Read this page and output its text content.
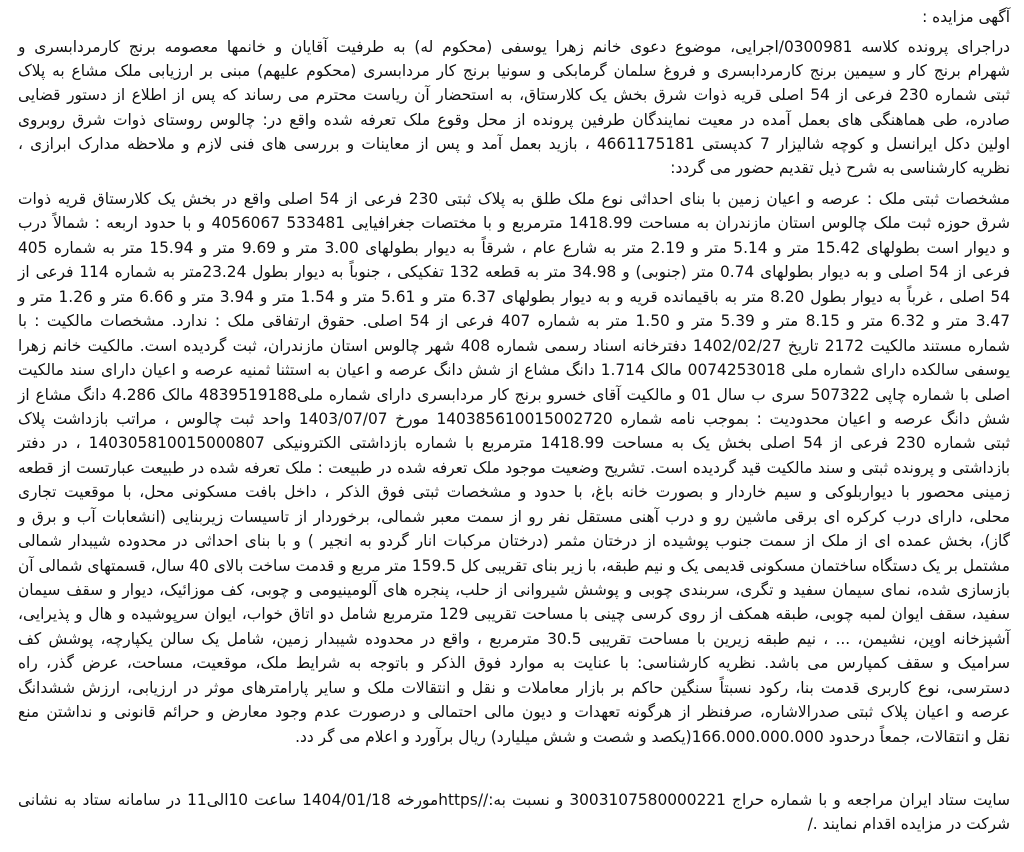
آگهی مزایده :
دراجرای پرونده کلاسه 0300981/اجرایی، موضوع دعوی خانم زهرا یوسفی (محکوم له) به طرفیت آقایان و خانمها معصومه برنج کارمردابسری و
شهرام برنج کار و سیمین برنج کارمردابسری و فروغ سلمان گرمابکی و سونیا برنج کار مردابسری (محکوم علیهم) مبنی بر ارزیابی ملک مشاع به پلاک
ثبتی شماره 230 فرعی از 54 اصلی قریه ذوات شرق بخش یک کلارستاق، به استحضار آن ریاست محترم می رساند که پس از اطلاع از دستور قضایی
صادره، طی هماهنگی های بعمل آمده در معیت نمایندگان طرفین پرونده از محل وقوع ملک تعرفه شده واقع در: چالوس روستای ذوات شرق روبروی
اولین دکل ایرانسل و کوچه شالیزار 7 کدپستی 4661175181 ، بازید بعمل آمد و پس از معاینات و بررسی های فنی لازم و ملاحظه مدارک ابرازی ،
نظریه کارشناسی به شرح ذیل تقدیم حضور می گردد:
مشخصات ثبتی ملک : عرصه و اعیان زمین با بنای احداثی نوع ملک طلق به پلاک ثبتی 230 فرعی از 54 اصلی واقع در بخش یک کلارستاق قریه ذوات
شرق حوزه ثبت ملک چالوس استان مازندران به مساحت 1418.99 مترمربع و با مختصات جغرافیایی 533481 4056067 و با حدود اربعه : شمالاً درب
و دیوار است بطولهای 15.42 متر و 5.14 متر و 2.19 متر به شارع عام ، شرقاً به دیوار بطولهای 3.00 متر و 9.69 متر و 15.94 متر به شماره 405
فرعی از 54 اصلی و به دیوار بطولهای 0.74 متر (جنوبی) و 34.98 متر به قطعه 132 تفکیکی ، جنوباً به دیوار بطول 23.24متر به شماره 114 فرعی از
54 اصلی ، غرباً به دیوار بطول 8.20 متر به باقیمانده قریه و به دیوار بطولهای 6.37 متر و 5.61 متر و 1.54 متر و 3.94 متر و 6.66 متر و 1.26 متر و
3.47 متر و 6.32 متر و 8.15 متر و 5.39 متر و 1.50 متر به شماره 407 فرعی از 54 اصلی. حقوق ارتفاقی ملک : ندارد. مشخصات مالکیت : با
شماره مستند مالکیت 2172 تاریخ 1402/02/27 دفترخانه اسناد رسمی شماره 408 شهر چالوس استان مازندران، ثبت گردیده است. مالکیت خانم زهرا
یوسفی سالکده دارای شماره ملی 0074253018 مالک 1.714 دانگ مشاع از شش دانگ عرصه و اعیان به استثنا ثمنیه عرصه و اعیان دارای سند مالکیت
اصلی با شماره چاپی 507322 سری ب سال 01 و مالکیت آقای خسرو برنج کار مردابسری دارای شماره ملی4839519188 مالک 4.286 دانگ مشاع از
شش دانگ عرصه و اعیان محدودیت : بموجب نامه شماره 140385610015002720 مورخ 1403/07/07 واحد ثبت چالوس ، مراتب بازداشت پلاک
ثبتی شماره 230 فرعی از 54 اصلی بخش یک به مساحت 1418.99 مترمربع با شماره بازداشتی الکترونیکی 140305810015000807 ، در دفتر
بازداشتی و پرونده ثبتی و سند مالکیت قید گردیده است. تشریح وضعیت موجود ملک تعرفه شده در طبیعت : ملک تعرفه شده در طبیعت عبارتست از قطعه
زمینی محصور با دیواربلوکی و سیم خاردار و بصورت خانه باغ، با حدود و مشخصات ثبتی فوق الذکر ، داخل بافت مسکونی محل، با موقعیت تجاری
محلی، دارای درب کرکره ای برقی ماشین رو و درب آهنی مستقل نفر رو از سمت معبر شمالی، برخوردار از تاسیسات زیربنایی (انشعابات آب و برق و
گاز)، بخش عمده ای از ملک از سمت جنوب پوشیده از درختان مثمر (درختان مرکبات انار گردو به انجیر ) و با بنای احداثی در محدوده شیبدار شمالی
مشتمل بر یک دستگاه ساختمان مسکونی قدیمی یک و نیم طبقه، با زیر بنای تقریبی کل 159.5 متر مربع و قدمت ساخت بالای 40 سال، قسمتهای شمالی آن
بازسازی شده، نمای سیمان سفید و تگری، سربندی چوبی و پوشش شیروانی از حلب، پنجره های آلومینیومی و چوبی، کف موزائیک، دیوار و سقف سیمان
سفید، سقف ایوان لمبه چوبی، طبقه همکف از روی کرسی چینی با مساحت تقریبی 129 مترمربع شامل دو اتاق خواب، ایوان سرپوشیده و هال و پذیرایی،
آشپزخانه اوپن، نشیمن، ... ، نیم طبقه زیرین با مساحت تقریبی 30.5 مترمربع ، واقع در محدوده شیبدار زمین، شامل یک سالن یکپارچه، پوشش کف
سرامیک و سقف کمپارس می باشد. نظریه کارشناسی: با عنایت به موارد فوق الذکر و باتوجه به شرایط ملک، موقعیت، مساحت، عرض گذر، راه
دسترسی، نوع کاربری قدمت بنا، رکود نسبتاً سنگین حاکم بر بازار معاملات و نقل و انتقالات ملک و سایر پارامترهای موثر در ارزیابی، ارزش ششدانگ
عرصه و اعیان پلاک ثبتی صدرالاشاره، صرفنظر از هرگونه تعهدات و دیون مالی احتمالی و درصورت عدم وجود معارض و حرائم قانونی و نداشتن منع
نقل و انتقالات، جمعاً درحدود 166.000.000.000(یکصد و شصت و شش میلیارد) ریال برآورد و اعلام می گر دد.
سایت ستاد ایران مراجعه و با شماره حراج 3003107580000221 و نسبت به://httpsمورخه 1404/01/18 ساعت 10الی11 در سامانه ستاد به نشانی
شرکت در مزایده اقدام نمایند ./
